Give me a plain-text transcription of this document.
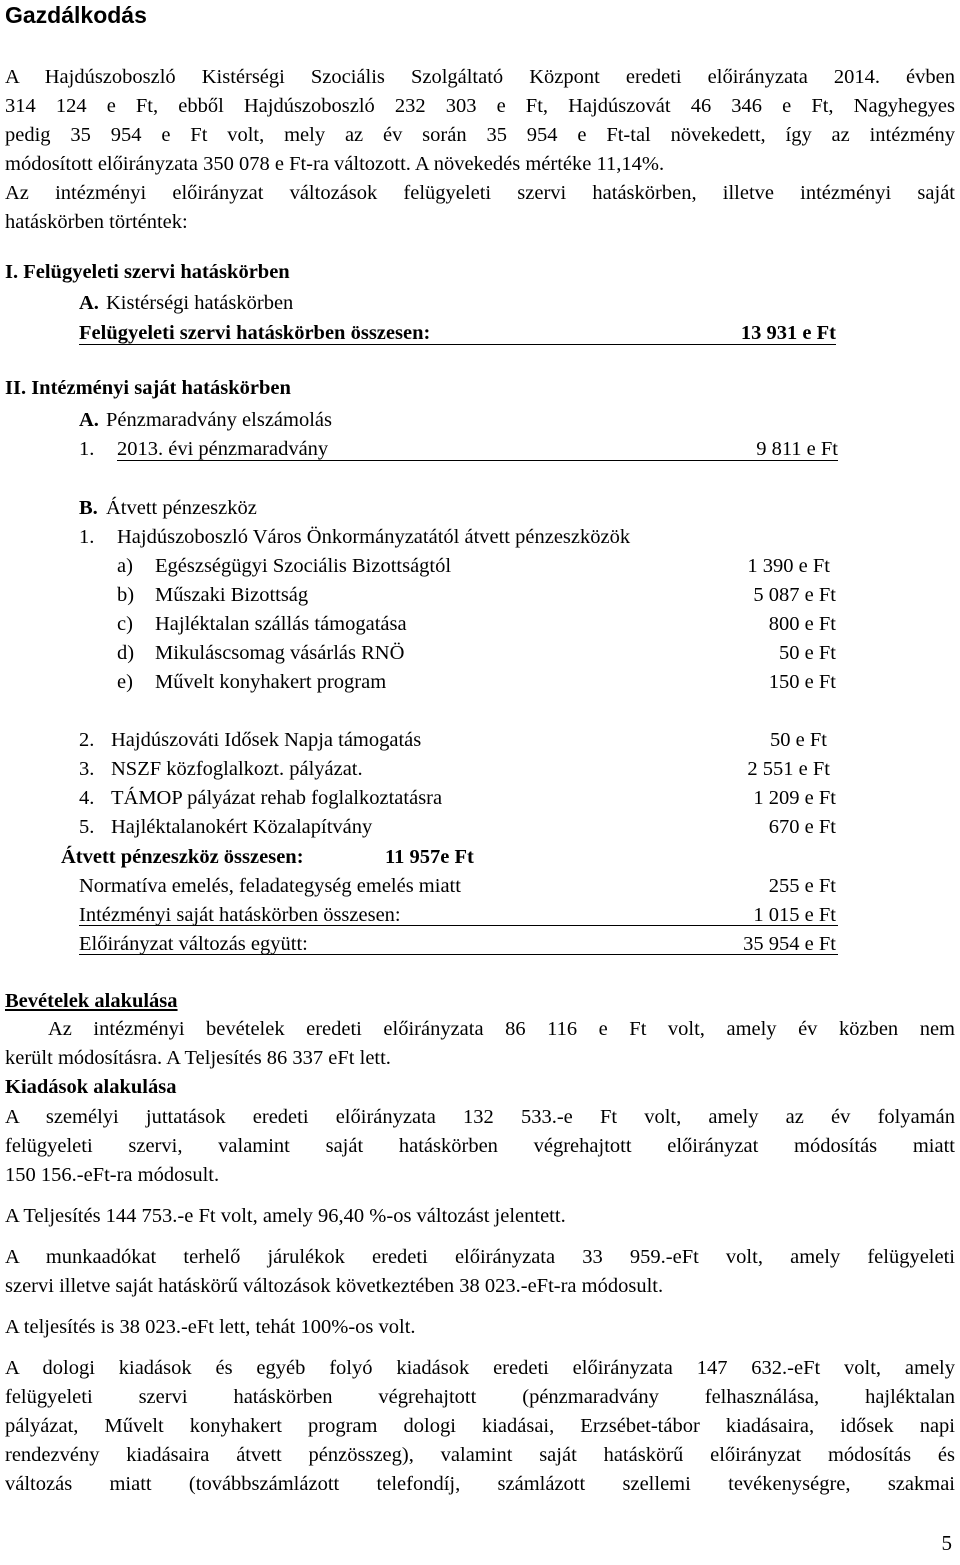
Gazdálkodás
A Hajdúszoboszló Kistérségi Szociális Szolgáltató Központ eredeti előirányzata 2014. évben
314 124 e Ft, ebből Hajdúszoboszló 232 303 e Ft, Hajdúszovát 46 346 e Ft, Nagyhegyes
pedig 35 954 e Ft volt, mely az év során 35 954 e Ft-tal növekedett, így az intézmény
módosított előirányzata 350 078 e Ft-ra változott. A növekedés mértéke 11,14%.
Az intézményi előirányzat változások felügyeleti szervi hatáskörben, illetve intézményi saját
hatáskörben történtek:
I. Felügyeleti szervi hatáskörben
A. Kistérségi hatáskörben
Felügyeleti szervi hatáskörben összesen:	13 931 e Ft
II. Intézményi saját hatáskörben
A. Pénzmaradvány elszámolás
1. 2013. évi pénzmaradvány	9 811 e Ft
B. Átvett pénzeszköz
1. Hajdúszoboszló Város Önkormányzatától átvett pénzeszközök
a) Egészségügyi Szociális Bizottságtól	1 390 e Ft
b) Műszaki Bizottság	5 087 e Ft
c) Hajléktalan szállás támogatása	800 e Ft
d) Mikuláscsomag vásárlás RNÖ	50 e Ft
e) Művelt konyhakert program	150 e Ft
2. Hajdúszováti Idősek Napja támogatás	50 e Ft
3. NSZF közfoglalkozt. pályázat.	2 551 e Ft
4. TÁMOP pályázat rehab foglalkoztatásra	1 209 e Ft
5. Hajléktalanokért Közalapítvány	670 e Ft
Átvett pénzeszköz összesen:	11 957e Ft
Normatíva emelés, feladategység emelés miatt	255 e Ft
Intézményi saját hatáskörben összesen:	1 015 e Ft
Előirányzat változás együtt:	35 954 e Ft
Bevételek alakulása
Az intézményi bevételek eredeti előirányzata 86 116 e Ft volt, amely év közben nem
került módosításra. A Teljesítés 86 337 eFt lett.
Kiadások alakulása
A személyi juttatások eredeti előirányzata 132 533.-e Ft volt, amely az év folyamán
felügyeleti szervi, valamint saját hatáskörben végrehajtott előirányzat módosítás miatt
150 156.-eFt-ra módosult.
A Teljesítés 144 753.-e Ft volt, amely 96,40 %-os változást jelentett.
A munkaadókat terhelő járulékok eredeti előirányzata 33 959.-eFt volt, amely felügyeleti
szervi illetve saját hatáskörű változások következtében 38 023.-eFt-ra módosult.
A teljesítés is 38 023.-eFt lett, tehát 100%-os volt.
A dologi kiadások és egyéb folyó kiadások eredeti előirányzata 147 632.-eFt volt, amely
felügyeleti szervi hatáskörben végrehajtott (pénzmaradvány felhasználása, hajléktalan
pályázat, Művelt konyhakert program dologi kiadásai, Erzsébet-tábor kiadásaira, idősek napi
rendezvény kiadásaira átvett pénzösszeg), valamint saját hatáskörű előirányzat módosítás és
változás miatt (továbbszámlázott telefondíj, számlázott szellemi tevékenységre, szakmai
5
